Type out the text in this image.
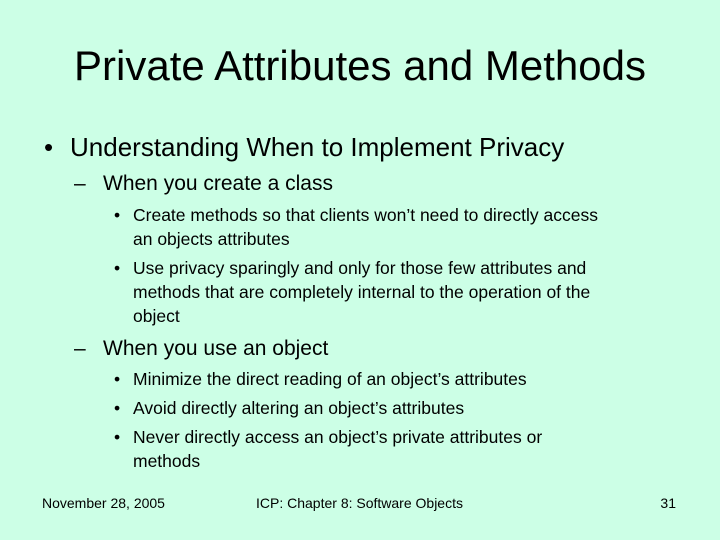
Private Attributes and Methods
• Understanding When to Implement Privacy
– When you create a class
• Create methods so that clients won’t need to directly access
an objects attributes
• Use privacy sparingly and only for those few attributes and
methods that are completely internal to the operation of the
object
– When you use an object
• Minimize the direct reading of an object’s attributes
• Avoid directly altering an object’s attributes
• Never directly access an object’s private attributes or
methods
November 28, 2005	ICP: Chapter 8: Software Objects	31
